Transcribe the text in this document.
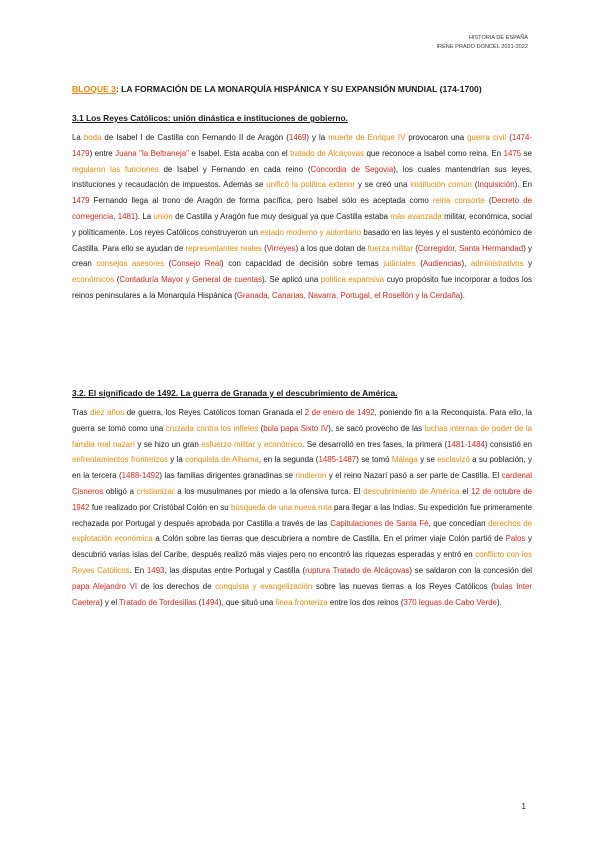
HISTORIA DE ESPAÑA
IRENE PRADO DONCEL 2021-2022
BLOQUE 3: LA FORMACIÓN DE LA MONARQUÍA HISPÁNICA Y SU EXPANSIÓN MUNDIAL (174-1700)
3.1 Los Reyes Católicos: unión dinástica e instituciones de gobierno.
La boda de Isabel I de Castilla con Fernando II de Aragón (1469) y la muerte de Enrique IV provocaron una guerra civil (1474-1479) entre Juana "la Beltraneja" e Isabel. Esta acaba con el tratado de Alcáçovas que reconoce a Isabel como reina. En 1475 se regularon las funciones de Isabel y Fernando en cada reino (Concordia de Segovia), los cuales mantendrían sus leyes, instituciones y recaudación de impuestos. Además se unificó la política exterior y se creó una institución común (Inquisición). En 1479 Fernando llega al trono de Aragón de forma pacífica, pero Isabel sólo es aceptada como reina consorte (Decreto de corregencia, 1481). La unión de Castilla y Aragón fue muy desigual ya que Castilla estaba más avanzada militar, económica, social y políticamente. Los reyes Católicos construyeron un estado moderno y autoritario basado en las leyes y el sustento económico de Castilla. Para ello se ayudan de representantes reales (Virreyes) a los que dotan de fuerza militar (Corregidor, Santa Hermandad) y crean consejos asesores (Consejo Real) con capacidad de decisión sobre temas judiciales (Audiencias), administrativos y económicos (Contaduría Mayor y General de cuentas). Se aplicó una política expansiva cuyo propósito fue incorporar a todos los reinos peninsulares a la Monarquía Hispánica (Granada, Canarias, Navarra, Portugal, el Rosellón y la Cerdaña).
3.2. El significado de 1492. La guerra de Granada y el descubrimiento de América.
Tras diez años de guerra, los Reyes Católicos toman Granada el 2 de enero de 1492, poniendo fin a la Reconquista. Para ello, la guerra se tomó como una cruzada contra los infieles (bula papa Sixto IV), se sacó provecho de las luchas internas de poder de la familia real nazarí y se hizo un gran esfuerzo militar y económico. Se desarrolló en tres fases, la primera (1481-1484) consistió en enfrentamientos fronterizos y la conquista de Alhama, en la segunda (1485-1487) se tomó Málaga y se esclavizó a su población, y en la tercera (1488-1492) las familias dirigentes granadinas se rindieron y el reino Nazarí pasó a ser parte de Castilla. El cardenal Cisneros obligó a cristianizar a los musulmanes por miedo a la ofensiva turca. El descubrimiento de América el 12 de octubre de 1942 fue realizado por Cristóbal Colón en su búsqueda de una nueva ruta para llegar a las Indias. Su expedición fue primeramente rechazada por Portugal y después aprobada por Castilla a través de las Capitulaciones de Santa Fé, que concedían derechos de explotación económica a Colón sobre las tierras que descubriera a nombre de Castilla. En el primer viaje Colón partió de Palos y descubrió varias islas del Caribe, después realizó más viajes pero no encontró las riquezas esperadas y entró en conflicto con los Reyes Católicos. En 1493, las disputas entre Portugal y Castilla (ruptura Tratado de Alcáçovas) se saldaron con la concesión del papa Alejandro VI de los derechos de conquista y evangelización sobre las nuevas tierras a los Reyes Católicos (bulas Inter Caetera) y el Tratado de Tordesillas (1494), que situó una línea fronteriza entre los dos reinos (370 leguas de Cabo Verde).
1
